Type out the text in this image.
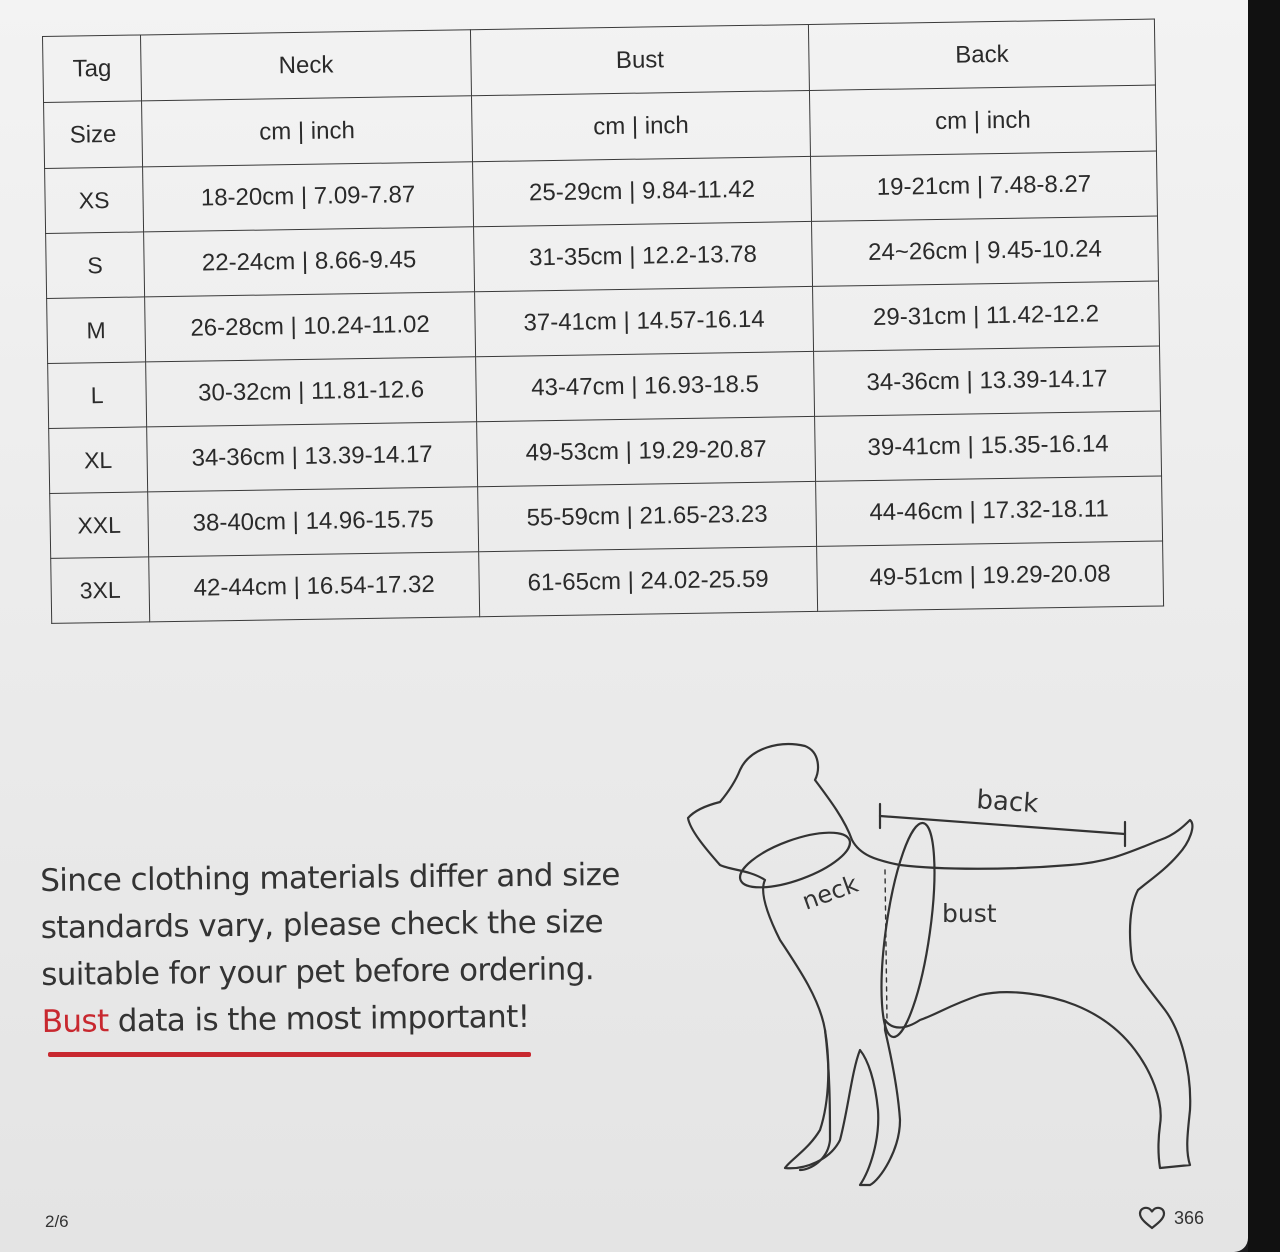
Tag	Neck	Bust	Back
Size	cm | inch	cm | inch	cm | inch
XS	18-20cm | 7.09-7.87	25-29cm | 9.84-11.42	19-21cm | 7.48-8.27
S	22-24cm | 8.66-9.45	31-35cm | 12.2-13.78	24~26cm | 9.45-10.24
M	26-28cm | 10.24-11.02	37-41cm | 14.57-16.14	29-31cm | 11.42-12.2
L	30-32cm | 11.81-12.6	43-47cm | 16.93-18.5	34-36cm | 13.39-14.17
XL	34-36cm | 13.39-14.17	49-53cm | 19.29-20.87	39-41cm | 15.35-16.14
XXL	38-40cm | 14.96-15.75	55-59cm | 21.65-23.23	44-46cm | 17.32-18.11
3XL	42-44cm | 16.54-17.32	61-65cm | 24.02-25.59	49-51cm | 19.29-20.08
Since clothing materials differ and size
standards vary, please check the size
suitable for your pet before ordering.
Bust data is the most important!
back
neck	bust
2/6	366
